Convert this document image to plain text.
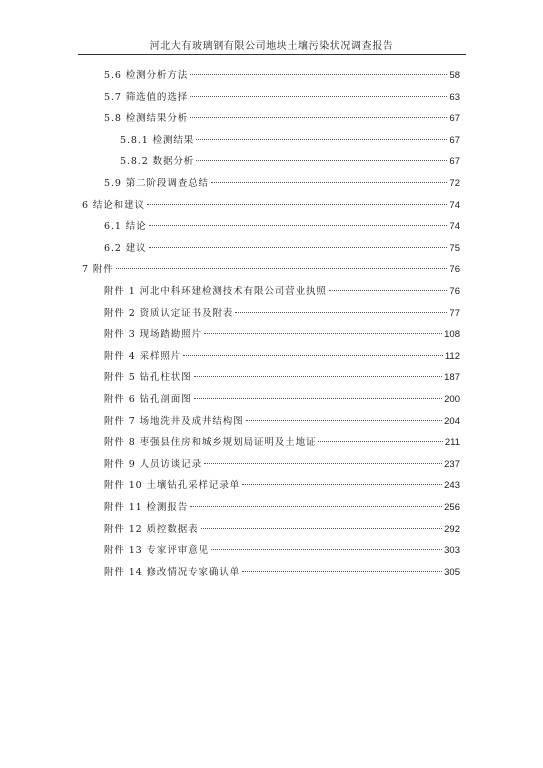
河北大有玻璃钢有限公司地块土壤污染状况调查报告
5.6 检测分析方法	58
5.7 筛选值的选择	63
5.8 检测结果分析	67
5.8.1 检测结果	67
5.8.2 数据分析	67
5.9 第二阶段调查总结	72
6 结论和建议	74
6.1 结论	74
6.2 建议	75
7 附件	76
附件 1 河北中科环建检测技术有限公司营业执照	76
附件 2 资质认定证书及附表	77
附件 3 现场踏勘照片	108
附件 4 采样照片	112
附件 5 钻孔柱状图	187
附件 6 钻孔剖面图	200
附件 7 场地洗井及成井结构图	204
附件 8 枣强县住房和城乡规划局证明及土地证	211
附件 9 人员访谈记录	237
附件 10 土壤钻孔采样记录单	243
附件 11 检测报告	256
附件 12 质控数据表	292
附件 13 专家评审意见	303
附件 14 修改情况专家确认单	305
